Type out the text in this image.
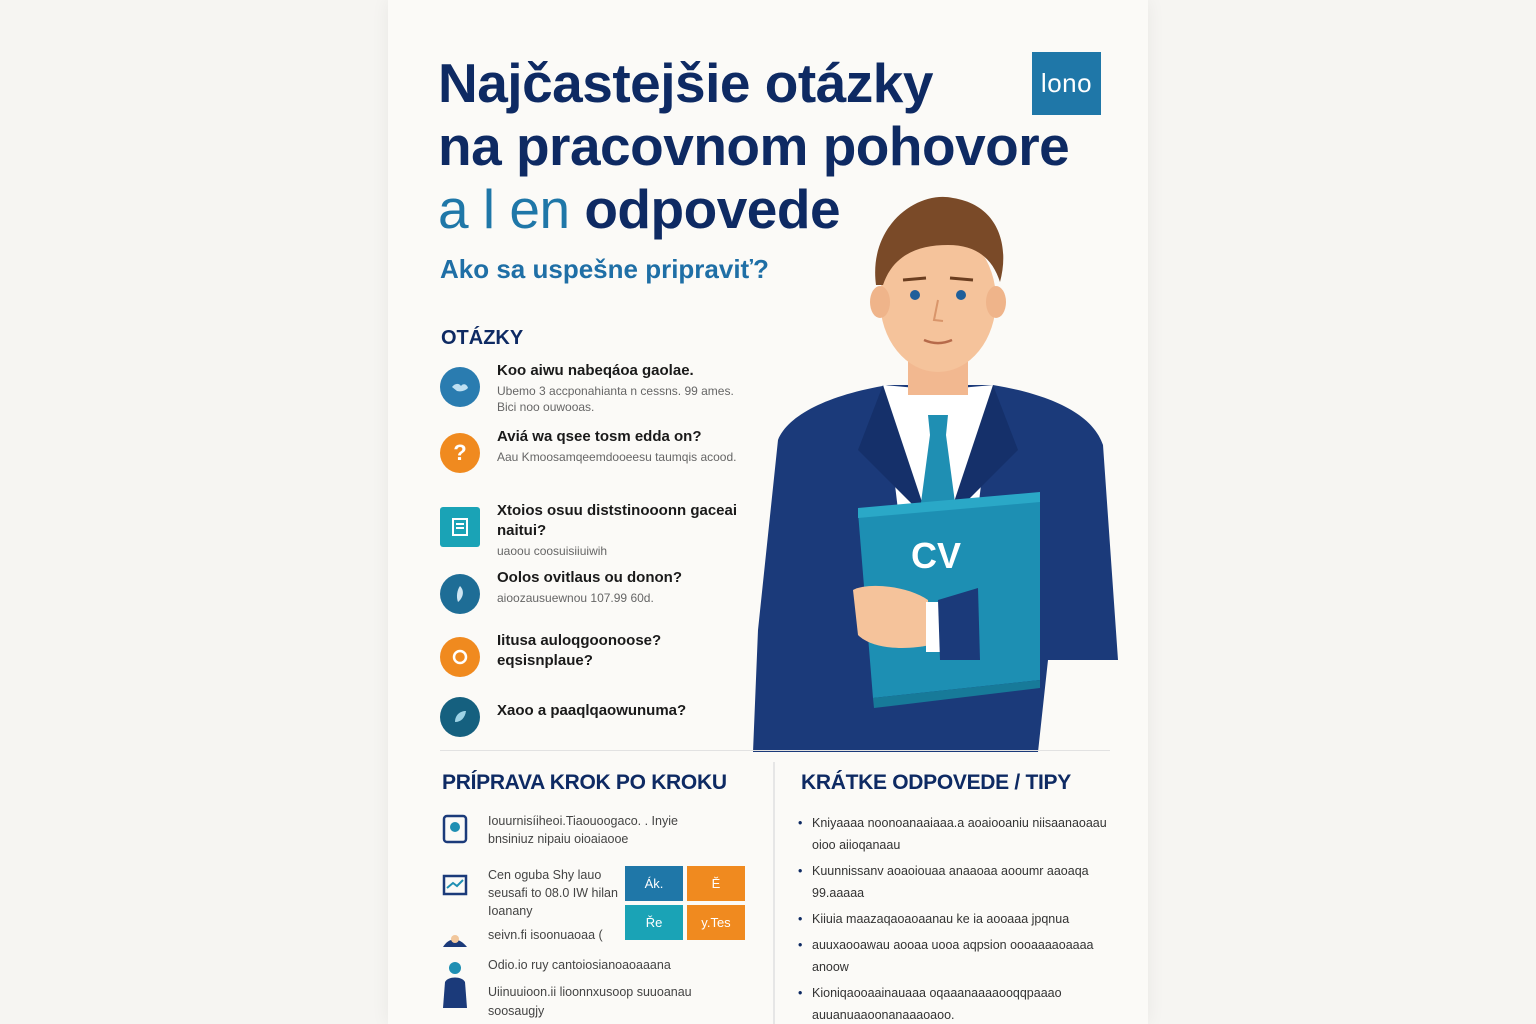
lono
Najčastejšie otázky
na pracovnom pohovore
a l en odpovede
Ako sa uspešne pripraviť?
OTÁZKY
Koo aiwu nabeqáoa gaolae.
Ubemo 3 accponahianta n cessns. 99 ames. Bici noo ouwooas.
?
Aviá wa qsee tosm edda on?
Aau Kmoosamqeemdooeesu taumqis acood.
Xtoios osuu diststinooonn gaceai naitui?
uaoou coosuisiiuiwih
Oolos ovitlaus ou donon?
aioozausuewnou 107.99 60d.
Iitusa auloqgoonoose? eqsisnplaue?
Xaoo a paaqlqaowunuma?
CV
PRÍPRAVA KROK PO KROKU
Iouurnisíiheoi.Tiaouoogaco. . Inyie bnsiniuz nipaiu oioaiaooe
Cen oguba Shy lauo seusafi to 08.0 IW hilan Ioanany
seivn.fi isoonuaoaa (
Odio.io ruy cantoiosianoaoaaana
Uiinuuioon.ii lioonnxusoop suuoanau
soosaugjy
Ák.	Ĕ
Ře	y.Tes
KRÁTKE ODPOVEDE / TIPY
• Kniyaaaa noonoanaaiaaa.a aoaiooaniu niisaanaoaau oioo aiioqanaau
• Kuunnissanv aoaoiouaa anaaoaa aooumr aaoaqa 99.aaaaa
• Kiiuia maazaqaoaoaanau ke ia aooaaa jpqnua
• auuxaooawau aooaa uooa aqpsion oooaaaaoaaaa anoow
• Kioniqaooaainauaaa oqaaanaaaaooqqpaaao auuanuaaoonanaaaoaoo.
